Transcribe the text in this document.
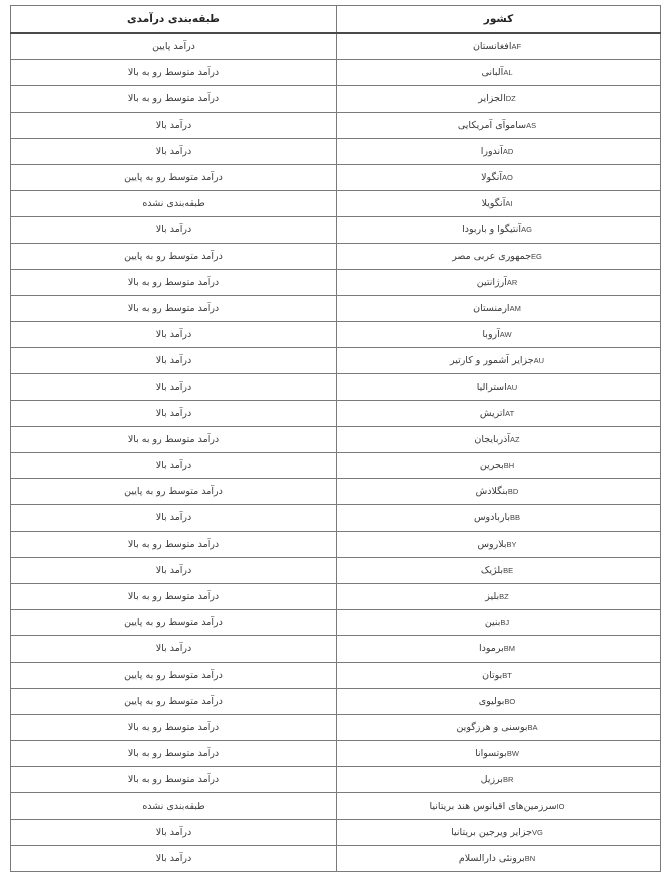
کشور	طبقه‌بندی درآمدی
AFافغانستان	درآمد پایین
ALآلبانی	درآمد متوسط رو به بالا
DZالجزایر	درآمد متوسط رو به بالا
ASساموآی آمریکایی	درآمد بالا
ADآندورا	درآمد بالا
AOآنگولا	درآمد متوسط رو به پایین
AIآنگویلا	طبقه‌بندی نشده
AGآنتیگوا و باربودا	درآمد بالا
EGجمهوری عربی مصر	درآمد متوسط رو به پایین
ARآرژانتین	درآمد متوسط رو به بالا
AMارمنستان	درآمد متوسط رو به بالا
AWآروبا	درآمد بالا
AUجزایر آشمور و کارتیر	درآمد بالا
AUاسترالیا	درآمد بالا
ATاتریش	درآمد بالا
AZآذربایجان	درآمد متوسط رو به بالا
BHبحرین	درآمد بالا
BDبنگلادش	درآمد متوسط رو به پایین
BBباربادوس	درآمد بالا
BYبلاروس	درآمد متوسط رو به بالا
BEبلژیک	درآمد بالا
BZبلیز	درآمد متوسط رو به بالا
BJبنین	درآمد متوسط رو به پایین
BMبرمودا	درآمد بالا
BTبوتان	درآمد متوسط رو به پایین
BOبولیوی	درآمد متوسط رو به پایین
BAبوسنی و هرزگوین	درآمد متوسط رو به بالا
BWبوتسوانا	درآمد متوسط رو به بالا
BRبرزیل	درآمد متوسط رو به بالا
IOسرزمین‌های اقیانوس هند بریتانیا	طبقه‌بندی نشده
VGجزایر ویرجین بریتانیا	درآمد بالا
BNبرونئی دارالسلام	درآمد بالا
